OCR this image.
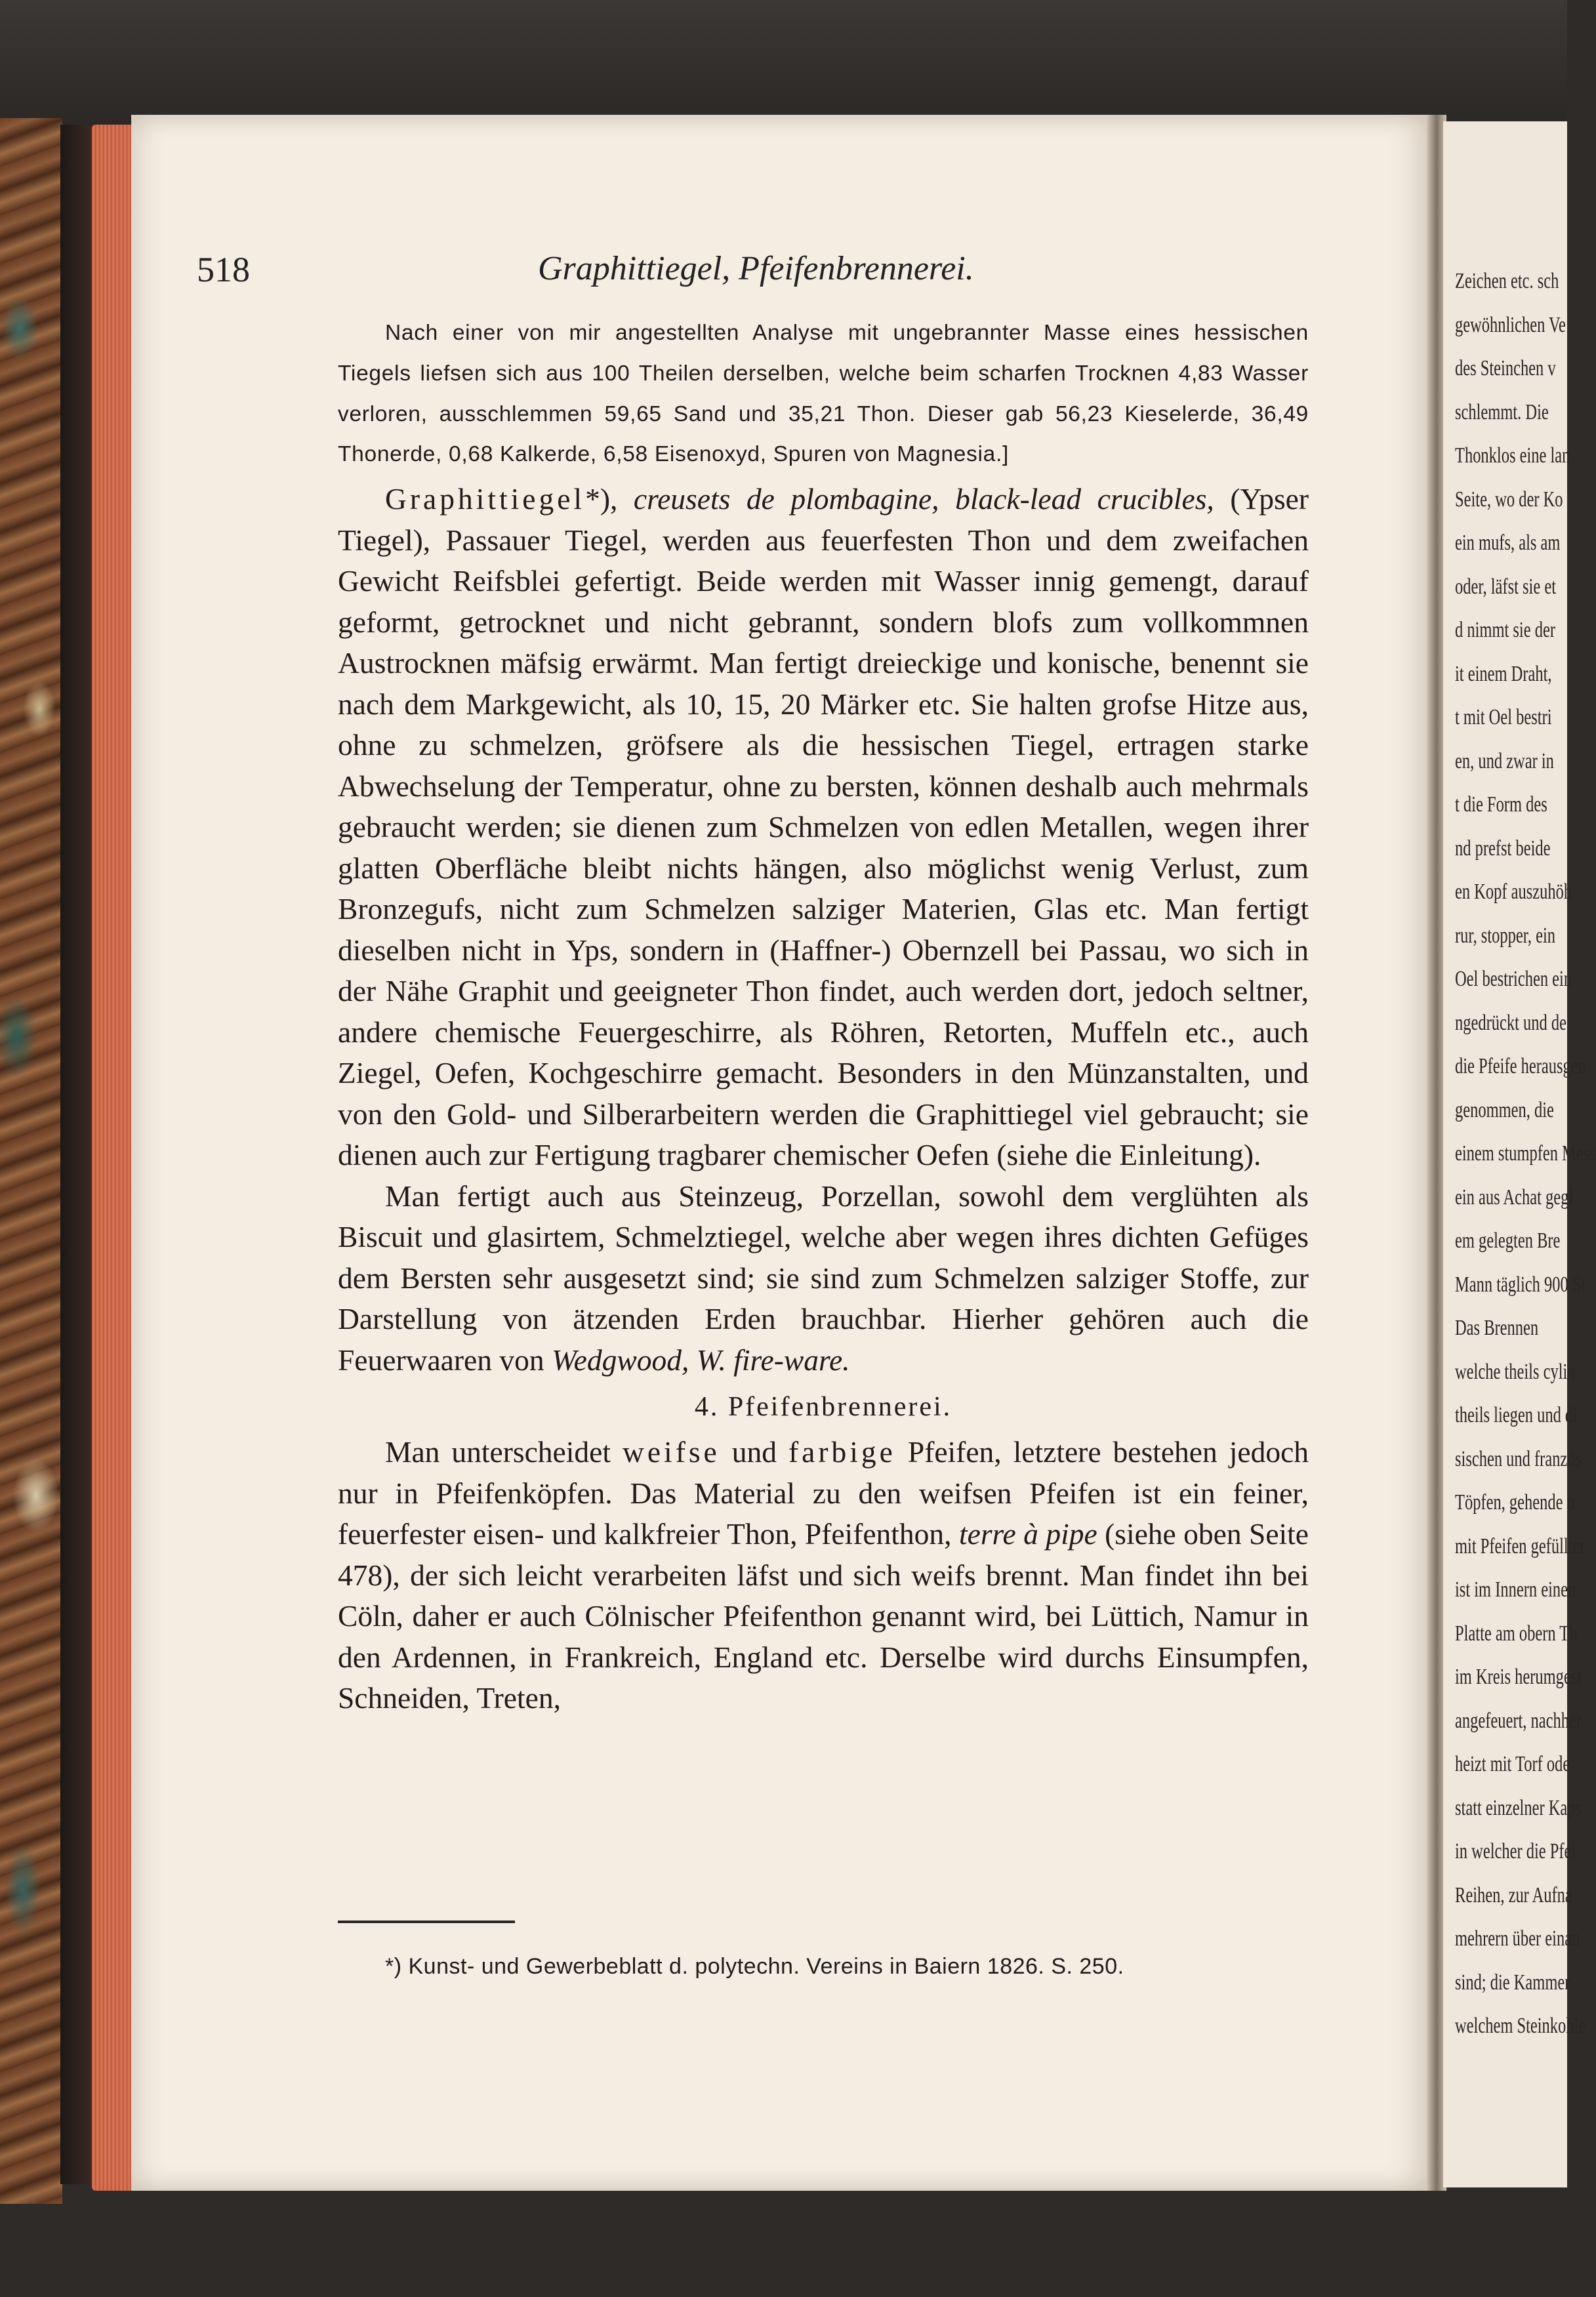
Zeichen etc. sch
gewöhnlichen Ve
des Steinchen v
schlemmt. Die
Thonklos eine lan
Seite, wo der Ko
ein mufs, als am
oder, läfst sie et
d nimmt sie der
it einem Draht,
t mit Oel bestri
en, und zwar in
t die Form des
nd prefst beide
en Kopf auszuhöh
rur, stopper, ein
Oel bestrichen ein
ngedrückt und de
die Pfeife herausgen
genommen, die
einem stumpfen Mess
ein aus Achat gegl
em gelegten Bre
Mann täglich 900 St
Das Brennen
welche theils cylin
theils liegen und di
sischen und französ
Töpfen, gehende o
mit Pfeifen gefüllter
ist im Innern einen
Platte am obern Th
im Kreis herumgest
angefeuert, nachher
heizt mit Torf ode
statt einzelner Kaps
in welcher die Pfei
Reihen, zur Aufna
mehrern über einan
sind; die Kammer
welchem Steinkohle
518	Graphittiegel, Pfeifenbrennerei.

Nach einer von mir angestellten Analyse mit ungebrannter Masse eines hessischen Tiegels liefsen sich aus 100 Theilen derselben, welche beim scharfen Trocknen 4,83 Wasser verloren, ausschlemmen 59,65 Sand und 35,21 Thon. Dieser gab 56,23 Kieselerde, 36,49 Thonerde, 0,68 Kalkerde, 6,58 Eisenoxyd, Spuren von Magnesia.]

Graphittiegel*), creusets de plombagine, black-lead crucibles, (Ypser Tiegel), Passauer Tiegel, werden aus feuerfesten Thon und dem zweifachen Gewicht Reifsblei gefertigt. Beide werden mit Wasser innig gemengt, darauf geformt, getrocknet und nicht gebrannt, sondern blofs zum vollkommnen Austrocknen mäfsig erwärmt. Man fertigt dreieckige und konische, benennt sie nach dem Markgewicht, als 10, 15, 20 Märker etc. Sie halten grofse Hitze aus, ohne zu schmelzen, gröfsere als die hessischen Tiegel, ertragen starke Abwechselung der Temperatur, ohne zu bersten, können deshalb auch mehrmals gebraucht werden; sie dienen zum Schmelzen von edlen Metallen, wegen ihrer glatten Oberfläche bleibt nichts hängen, also möglichst wenig Verlust, zum Bronzegufs, nicht zum Schmelzen salziger Materien, Glas etc. Man fertigt dieselben nicht in Yps, sondern in (Haffner-) Obernzell bei Passau, wo sich in der Nähe Graphit und geeigneter Thon findet, auch werden dort, jedoch seltner, andere chemische Feuergeschirre, als Röhren, Retorten, Muffeln etc., auch Ziegel, Oefen, Kochgeschirre gemacht. Besonders in den Münzanstalten, und von den Gold- und Silberarbeitern werden die Graphittiegel viel gebraucht; sie dienen auch zur Fertigung tragbarer chemischer Oefen (siehe die Einleitung).

Man fertigt auch aus Steinzeug, Porzellan, sowohl dem verglühten als Biscuit und glasirtem, Schmelztiegel, welche aber wegen ihres dichten Gefüges dem Bersten sehr ausgesetzt sind; sie sind zum Schmelzen salziger Stoffe, zur Darstellung von ätzenden Erden brauchbar. Hierher gehören auch die Feuerwaaren von Wedgwood, W. fire-ware.

4. Pfeifenbrennerei.

Man unterscheidet weifse und farbige Pfeifen, letztere bestehen jedoch nur in Pfeifenköpfen. Das Material zu den weifsen Pfeifen ist ein feiner, feuerfester eisen- und kalkfreier Thon, Pfeifenthon, terre à pipe (siehe oben Seite 478), der sich leicht verarbeiten läfst und sich weifs brennt. Man findet ihn bei Cöln, daher er auch Cölnischer Pfeifenthon genannt wird, bei Lüttich, Namur in den Ardennen, in Frankreich, England etc. Derselbe wird durchs Einsumpfen, Schneiden, Treten,

*) Kunst- und Gewerbeblatt d. polytechn. Vereins in Baiern 1826. S. 250.
